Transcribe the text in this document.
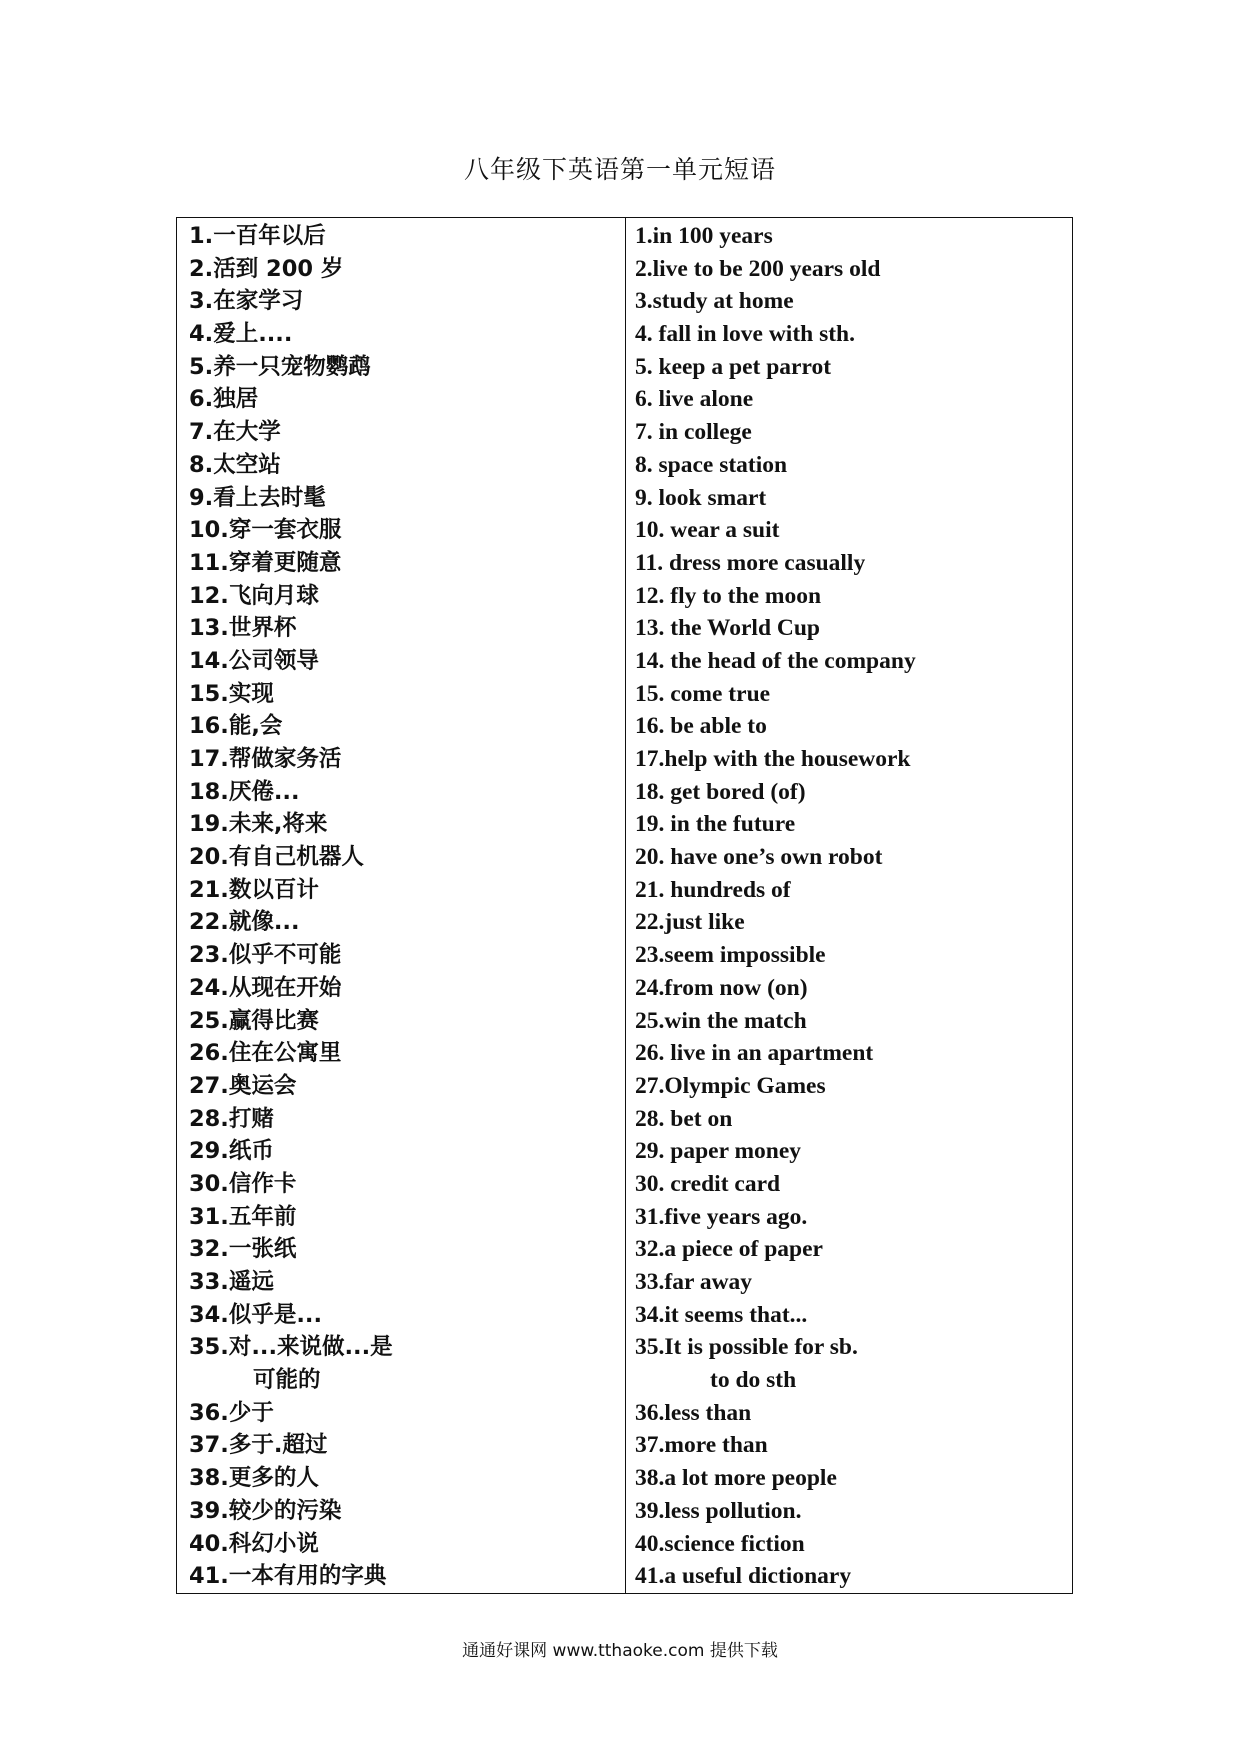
八年级下英语第一单元短语
1.一百年以后
2.活到 200 岁
3.在家学习
4.爱上....
5.养一只宠物鹦鹉
6.独居
7.在大学
8.太空站
9.看上去时髦
10.穿一套衣服
11.穿着更随意
12.飞向月球
13.世界杯
14.公司领导
15.实现
16.能,会
17.帮做家务活
18.厌倦...
19.未来,将来
20.有自己机器人
21.数以百计
22.就像...
23.似乎不可能
24.从现在开始
25.赢得比赛
26.住在公寓里
27.奥运会
28.打赌
29.纸币
30.信作卡
31.五年前
32.一张纸
33.遥远
34.似乎是...
35.对...来说做...是
可能的
36.少于
37.多于.超过
38.更多的人
39.较少的污染
40.科幻小说
41.一本有用的字典
1.in 100 years
2.live to be 200 years old
3.study at home
4. fall in love with sth.
5. keep a pet parrot
6. live alone
7. in college
8. space station
9. look smart
10. wear a suit
11. dress more casually
12. fly to the moon
13. the World Cup
14. the head of the company
15. come true
16. be able to
17.help with the housework
18. get bored (of)
19. in the future
20. have one’s own robot
21. hundreds of
22.just like
23.seem impossible
24.from now (on)
25.win the match
26. live in an apartment
27.Olympic Games
28. bet on
29. paper money
30. credit card
31.five years ago.
32.a piece of paper
33.far away
34.it seems that...
35.It is possible for sb.
to do sth
36.less than
37.more than
38.a lot more people
39.less pollution.
40.science fiction
41.a useful dictionary
通通好课网 www.tthaoke.com 提供下载
